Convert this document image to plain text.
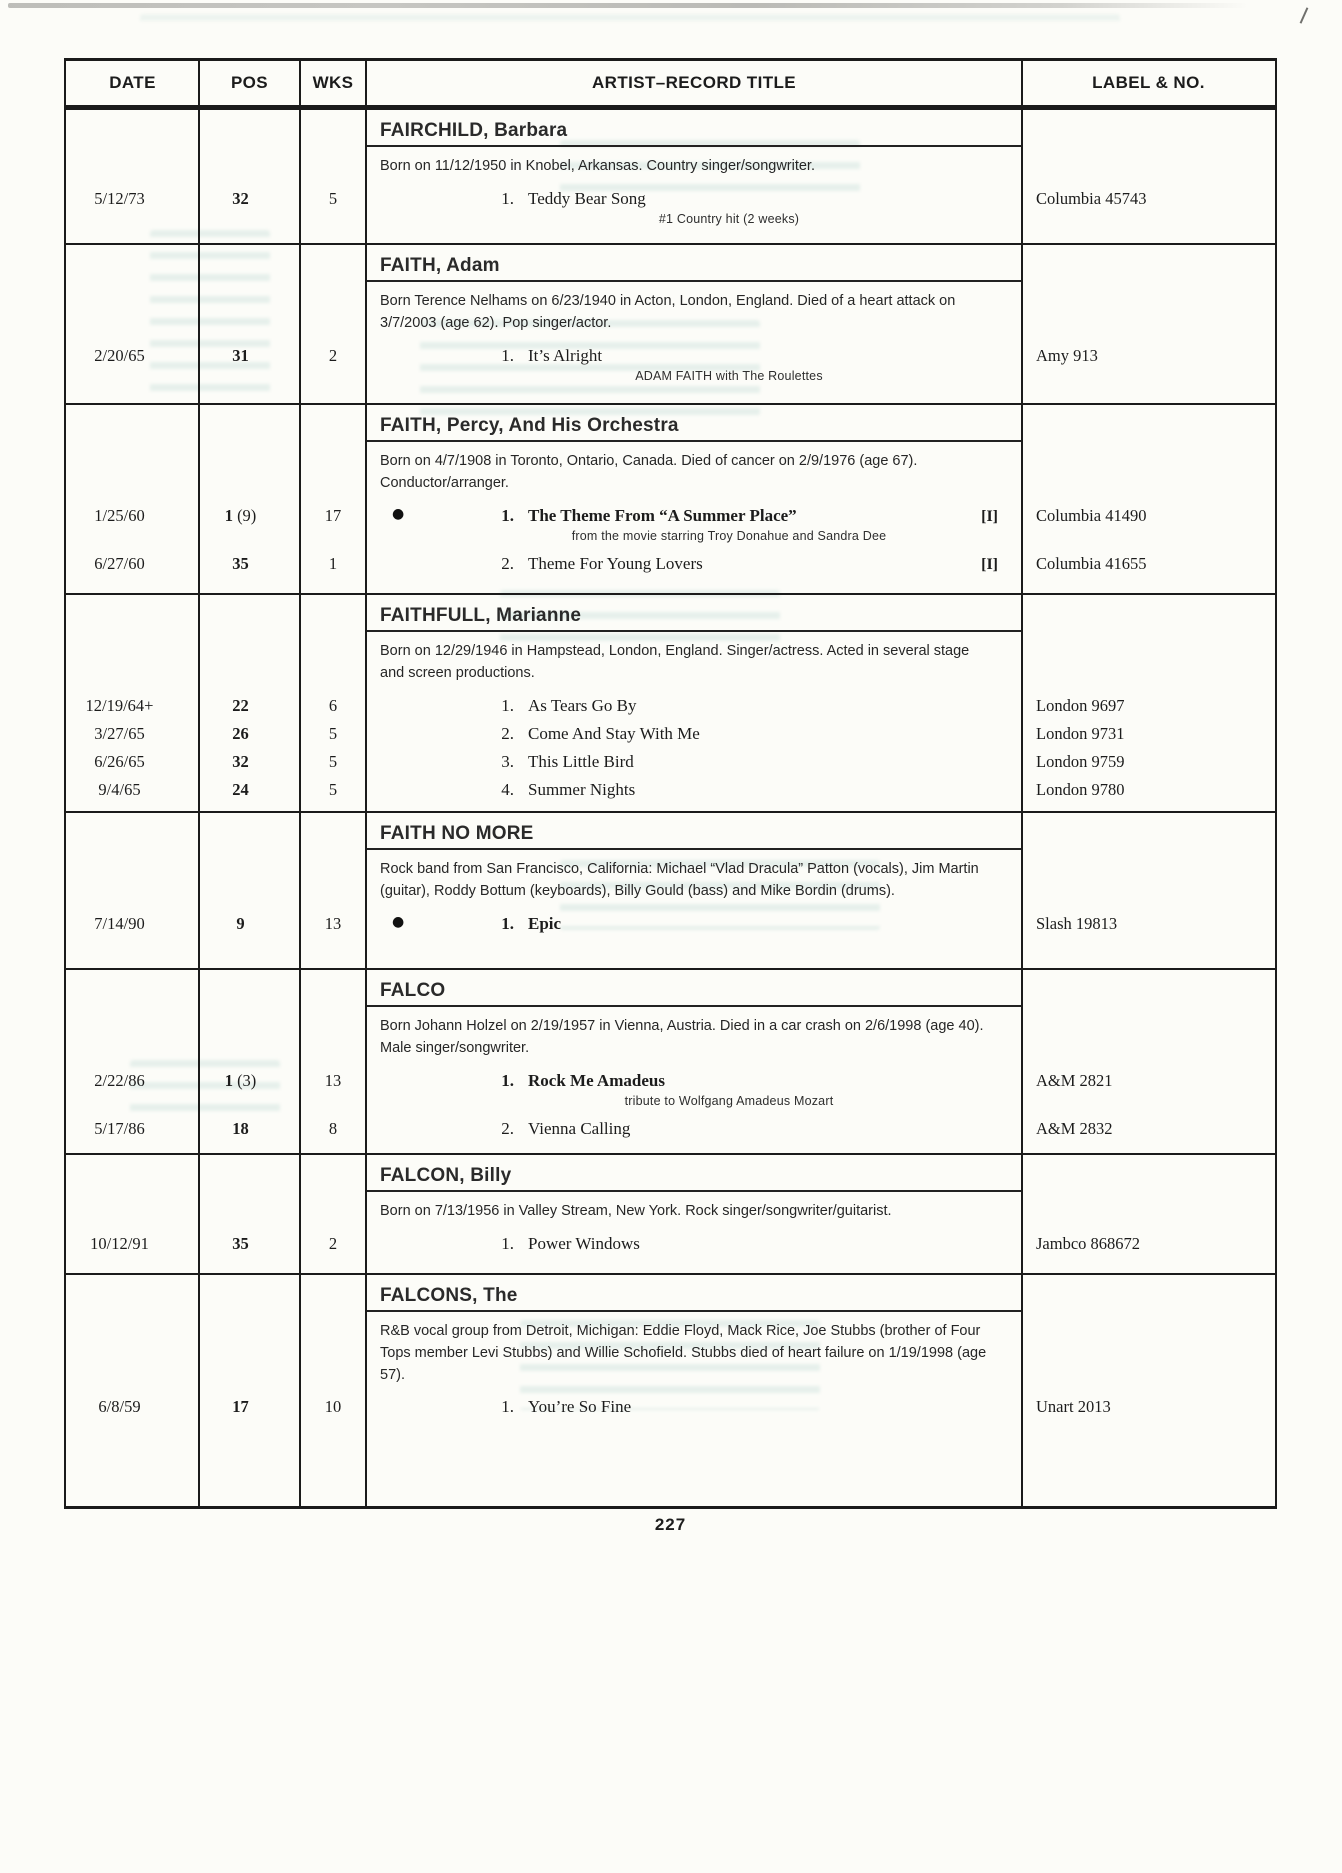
DATE	POS	WKS	ARTIST–RECORD TITLE	LABEL & NO.
FAIRCHILD, Barbara
Born on 11/12/1950 in Knobel, Arkansas. Country singer/songwriter.
5/12/73	32	5	1. Teddy Bear Song	Columbia 45743
#1 Country hit (2 weeks)
FAITH, Adam
Born Terence Nelhams on 6/23/1940 in Acton, London, England. Died of a heart attack on 3/7/2003 (age 62). Pop singer/actor.
2/20/65	31	2	1. It’s Alright	Amy 913
ADAM FAITH with The Roulettes
FAITH, Percy, And His Orchestra
Born on 4/7/1908 in Toronto, Ontario, Canada. Died of cancer on 2/9/1976 (age 67). Conductor/arranger.
1/25/60	1 (9)	17	●	1. The Theme From “A Summer Place”	[I]	Columbia 41490
from the movie starring Troy Donahue and Sandra Dee
6/27/60	35	1	2. Theme For Young Lovers	[I]	Columbia 41655
FAITHFULL, Marianne
Born on 12/29/1946 in Hampstead, London, England. Singer/actress. Acted in several stage and screen productions.
12/19/64+	22	6	1. As Tears Go By	London 9697
3/27/65	26	5	2. Come And Stay With Me	London 9731
6/26/65	32	5	3. This Little Bird	London 9759
9/4/65	24	5	4. Summer Nights	London 9780
FAITH NO MORE
Rock band from San Francisco, California: Michael “Vlad Dracula” Patton (vocals), Jim Martin (guitar), Roddy Bottum (keyboards), Billy Gould (bass) and Mike Bordin (drums).
7/14/90	9	13	●	1. Epic	Slash 19813
FALCO
Born Johann Holzel on 2/19/1957 in Vienna, Austria. Died in a car crash on 2/6/1998 (age 40). Male singer/songwriter.
2/22/86	1 (3)	13	1. Rock Me Amadeus	A&M 2821
tribute to Wolfgang Amadeus Mozart
5/17/86	18	8	2. Vienna Calling	A&M 2832
FALCON, Billy
Born on 7/13/1956 in Valley Stream, New York. Rock singer/songwriter/guitarist.
10/12/91	35	2	1. Power Windows	Jambco 868672
FALCONS, The
R&B vocal group from Detroit, Michigan: Eddie Floyd, Mack Rice, Joe Stubbs (brother of Four Tops member Levi Stubbs) and Willie Schofield. Stubbs died of heart failure on 1/19/1998 (age 57).
6/8/59	17	10	1. You’re So Fine	Unart 2013
227
